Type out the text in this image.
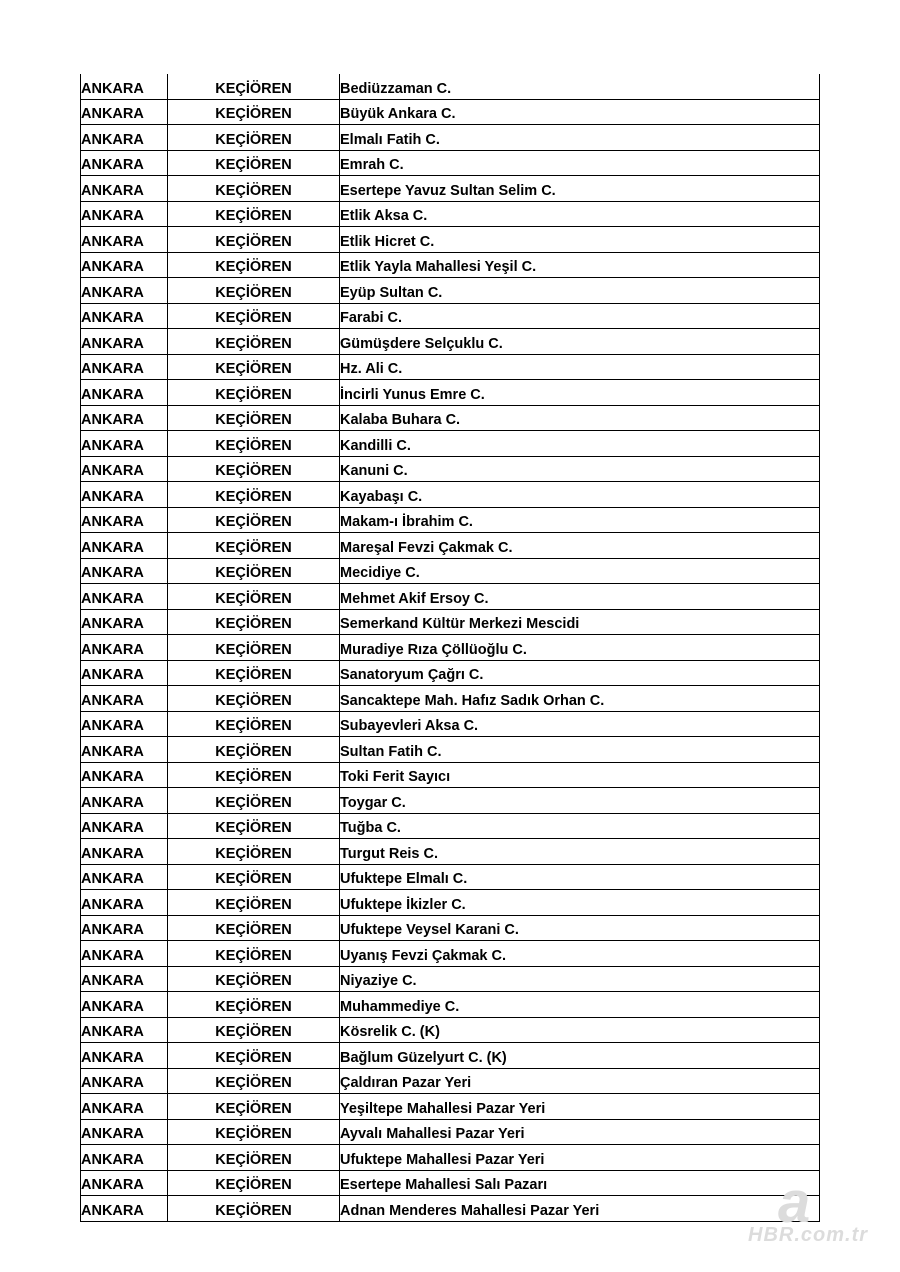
ANKARA	KEÇİÖREN	Bediüzzaman C.
ANKARA	KEÇİÖREN	Büyük Ankara C.
ANKARA	KEÇİÖREN	Elmalı Fatih C.
ANKARA	KEÇİÖREN	Emrah C.
ANKARA	KEÇİÖREN	Esertepe Yavuz Sultan Selim C.
ANKARA	KEÇİÖREN	Etlik Aksa C.
ANKARA	KEÇİÖREN	Etlik Hicret C.
ANKARA	KEÇİÖREN	Etlik Yayla Mahallesi Yeşil C.
ANKARA	KEÇİÖREN	Eyüp Sultan C.
ANKARA	KEÇİÖREN	Farabi C.
ANKARA	KEÇİÖREN	Gümüşdere Selçuklu C.
ANKARA	KEÇİÖREN	Hz. Ali C.
ANKARA	KEÇİÖREN	İncirli Yunus Emre C.
ANKARA	KEÇİÖREN	Kalaba Buhara C.
ANKARA	KEÇİÖREN	Kandilli C.
ANKARA	KEÇİÖREN	Kanuni C.
ANKARA	KEÇİÖREN	Kayabaşı C.
ANKARA	KEÇİÖREN	Makam-ı İbrahim C.
ANKARA	KEÇİÖREN	Mareşal Fevzi Çakmak C.
ANKARA	KEÇİÖREN	Mecidiye C.
ANKARA	KEÇİÖREN	Mehmet Akif Ersoy C.
ANKARA	KEÇİÖREN	Semerkand Kültür Merkezi Mescidi
ANKARA	KEÇİÖREN	Muradiye Rıza Çöllüoğlu C.
ANKARA	KEÇİÖREN	Sanatoryum Çağrı C.
ANKARA	KEÇİÖREN	Sancaktepe Mah. Hafız Sadık Orhan C.
ANKARA	KEÇİÖREN	Subayevleri Aksa C.
ANKARA	KEÇİÖREN	Sultan Fatih C.
ANKARA	KEÇİÖREN	Toki Ferit Sayıcı
ANKARA	KEÇİÖREN	Toygar C.
ANKARA	KEÇİÖREN	Tuğba C.
ANKARA	KEÇİÖREN	Turgut Reis C.
ANKARA	KEÇİÖREN	Ufuktepe Elmalı C.
ANKARA	KEÇİÖREN	Ufuktepe İkizler C.
ANKARA	KEÇİÖREN	Ufuktepe Veysel Karani C.
ANKARA	KEÇİÖREN	Uyanış Fevzi Çakmak C.
ANKARA	KEÇİÖREN	Niyaziye C.
ANKARA	KEÇİÖREN	Muhammediye C.
ANKARA	KEÇİÖREN	Kösrelik C. (K)
ANKARA	KEÇİÖREN	Bağlum Güzelyurt C. (K)
ANKARA	KEÇİÖREN	Çaldıran Pazar Yeri
ANKARA	KEÇİÖREN	Yeşiltepe Mahallesi Pazar Yeri
ANKARA	KEÇİÖREN	Ayvalı Mahallesi Pazar Yeri
ANKARA	KEÇİÖREN	Ufuktepe Mahallesi Pazar Yeri
ANKARA	KEÇİÖREN	Esertepe Mahallesi Salı Pazarı
ANKARA	KEÇİÖREN	Adnan Menderes Mahallesi Pazar Yeri	a
HBR.com.tr
